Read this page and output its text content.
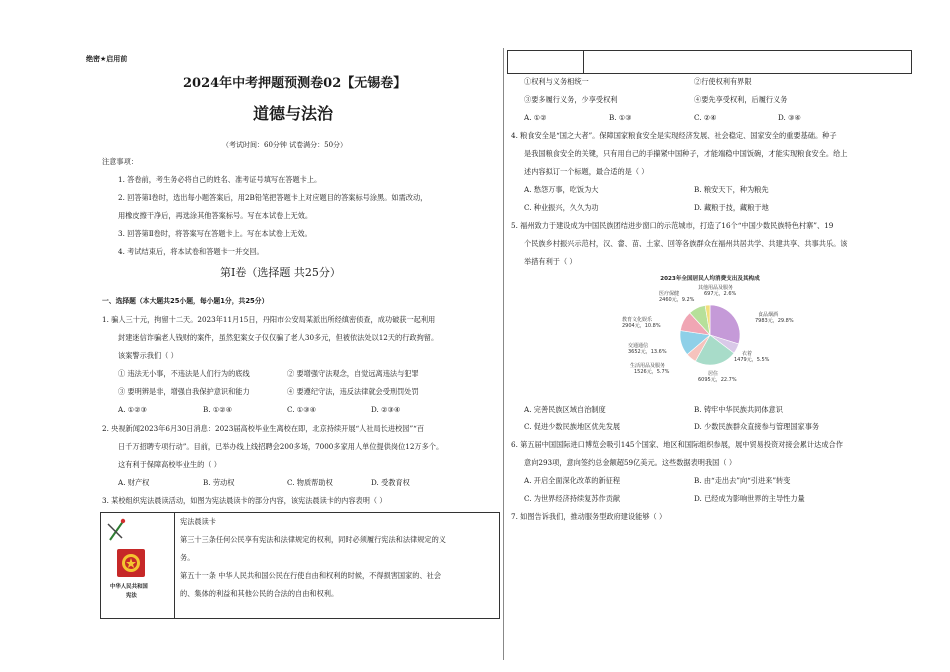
绝密★启用前
2024年中考押题预测卷02【无锡卷】
道德与法治
（考试时间：60分钟 试卷满分：50分）
注意事项：
1. 答卷前，考生务必将自己的姓名、准考证号填写在答题卡上。
2. 回答第Ⅰ卷时，选出每小题答案后，用2B铅笔把答题卡上对应题目的答案标号涂黑。如需改动，
用橡皮擦干净后，再选涂其他答案标号。写在本试卷上无效。
3. 回答第Ⅱ卷时，将答案写在答题卡上。写在本试卷上无效。
4. 考试结束后，将本试卷和答题卡一并交回。
第Ⅰ卷（选择题 共25分）
一、选择题（本大题共25小题，每小题1分，共25分）
1. 骗人三十元，拘留十二天。2023年11月15日，丹阳市公安局某派出所经缜密侦查，成功破获一起利用
封建迷信诈骗老人钱财的案件，虽然犯案女子仅仅骗了老人30多元，但被依法处以12天的行政拘留。
该案警示我们（ ）
① 违法无小事，不违法是人们行为的底线	② 要增强守法观念，自觉远离违法与犯罪
③ 要明辨是非，增强自我保护意识和能力	④ 要遵纪守法，违反法律就会受刑罚处罚
A. ①②③	B. ①②④	C. ①③④	D. ②③④
2. 央视新闻2023年6月30日消息：2023届高校毕业生离校在即，北京持续开展“人社局长进校园”“百
日千万招聘专项行动”。目前，已举办线上线招聘会200多场，7000多家用人单位提供岗位12万多个。
这有利于保障高校毕业生的（ ）
A. 财产权	B. 劳动权	C. 物质帮助权	D. 受教育权
3. 某校组织宪法晨读活动，如图为宪法晨读卡的部分内容，该宪法晨读卡的内容表明（ ）
中华人民共和国
宪法
宪法晨读卡
第三十三条任何公民享有宪法和法律规定的权利，同时必须履行宪法和法律规定的义
务。
第五十一条 中华人民共和国公民在行使自由和权利的时候，不得损害国家的、社会
的、集体的利益和其他公民的合法的自由和权利。
①权利与义务相统一	②行使权利有界限
③要多履行义务，少享受权利	④要先享受权利，后履行义务
A. ①②	B. ①③	C. ②④	D. ③④
4. 粮食安全是“国之大者”。保障国家粮食安全是实现经济发展、社会稳定、国家安全的重要基础。种子
是我国粮食安全的关键，只有用自己的手攥紧中国种子，才能端稳中国饭碗，才能实现粮食安全。给上
述内容拟订一个标题，最合适的是（ ）
A. 愁怨万事，吃饭为大	B. 粮安天下，种为粮先
C. 种业振兴，久久为功	D. 藏粮于技，藏粮于地
5. 福州致力于建设成为中国民族团结进步窗口的示范城市，打造了16个“中国少数民族特色村寨”、19
个民族乡村振兴示范村，汉、畲、苗、土家、回等各族群众在福州共居共学、共建共享、共事共乐。该
举措有利于（ ）
2023年全国居民人均消费支出及其构成
其他用品及服务
697元，2.6%
医疗保健
2460元，9.2%
食品烟酒
7983元，29.8%
教育文化娱乐
2904元，10.8%
衣着
1479元，5.5%
交通通信
3652元，13.6%
生活用品及服务
1526元，5.7%	居住
6095元，22.7%
A. 完善民族区域自治制度	B. 铸牢中华民族共同体意识
C. 促进少数民族地区优先发展	D. 少数民族群众直接参与管理国家事务
6. 第五届中国国际进口博览会吸引145个国家、地区和国际组织参展，展中贸易投资对接会累计达成合作
意向293项，意向签约总金额超59亿美元。这些数据表明我国（ ）
A. 开启全面深化改革的新征程	B. 由“走出去”向“引进来”转变
C. 为世界经济持续复苏作贡献	D. 已经成为影响世界的主导性力量
7. 如图告诉我们，推动服务型政府建设能够（ ）
